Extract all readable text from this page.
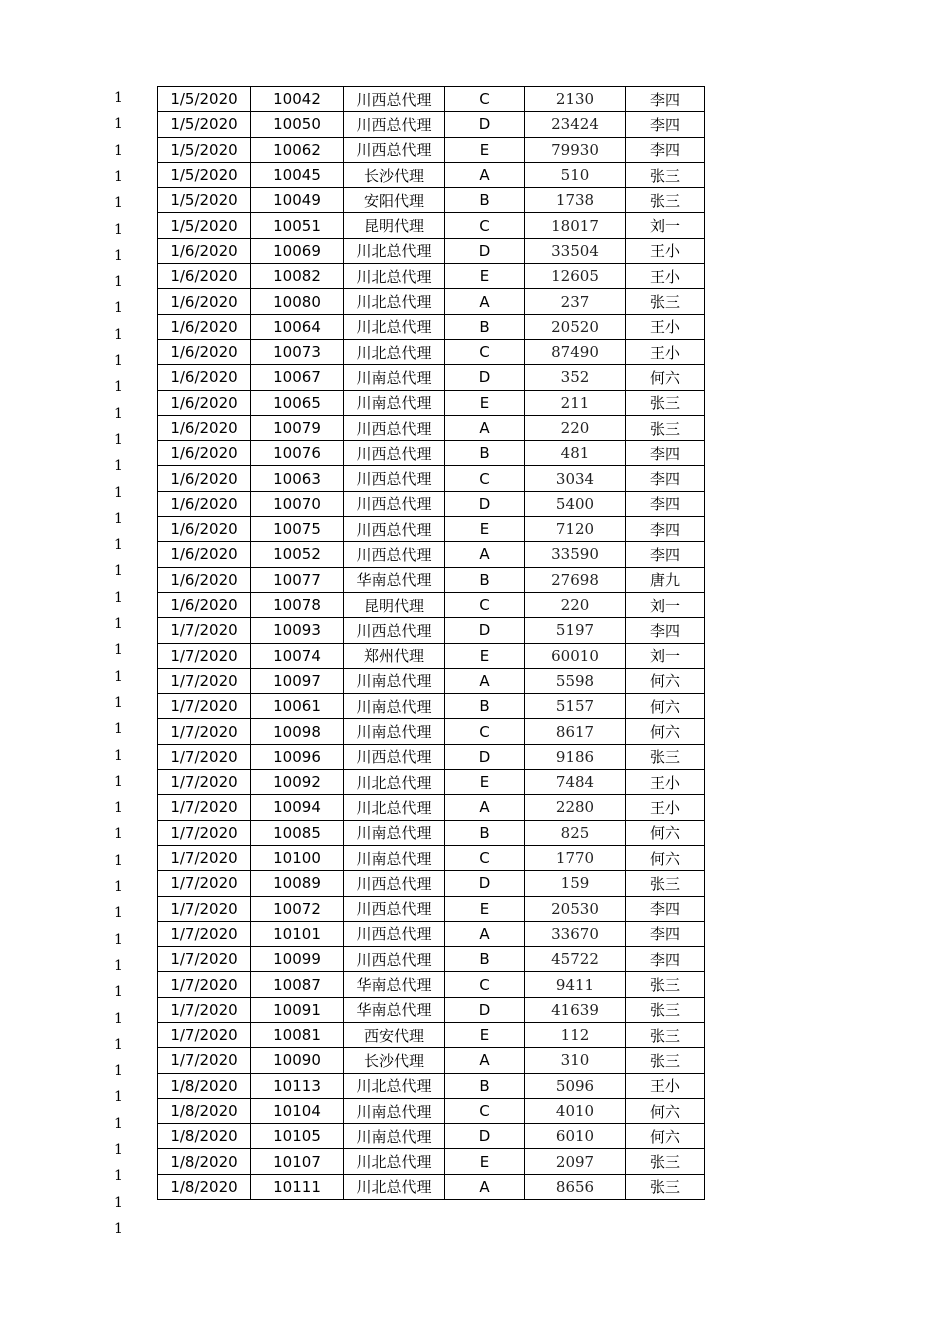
1
1
1
1
1
1
1
1
1
1
1
1
1
1
1
1
1
1
1
1
1
1
1
1
1
1
1
1
1
1
1
1
1
1
1
1
1
1
1
1
1
1
1
1
1/5/2020	10042	川西总代理	C	2130	李四
1/5/2020	10050	川西总代理	D	23424	李四
1/5/2020	10062	川西总代理	E	79930	李四
1/5/2020	10045	长沙代理	A	510	张三
1/5/2020	10049	安阳代理	B	1738	张三
1/5/2020	10051	昆明代理	C	18017	刘一
1/6/2020	10069	川北总代理	D	33504	王小
1/6/2020	10082	川北总代理	E	12605	王小
1/6/2020	10080	川北总代理	A	237	张三
1/6/2020	10064	川北总代理	B	20520	王小
1/6/2020	10073	川北总代理	C	87490	王小
1/6/2020	10067	川南总代理	D	352	何六
1/6/2020	10065	川南总代理	E	211	张三
1/6/2020	10079	川西总代理	A	220	张三
1/6/2020	10076	川西总代理	B	481	李四
1/6/2020	10063	川西总代理	C	3034	李四
1/6/2020	10070	川西总代理	D	5400	李四
1/6/2020	10075	川西总代理	E	7120	李四
1/6/2020	10052	川西总代理	A	33590	李四
1/6/2020	10077	华南总代理	B	27698	唐九
1/6/2020	10078	昆明代理	C	220	刘一
1/7/2020	10093	川西总代理	D	5197	李四
1/7/2020	10074	郑州代理	E	60010	刘一
1/7/2020	10097	川南总代理	A	5598	何六
1/7/2020	10061	川南总代理	B	5157	何六
1/7/2020	10098	川南总代理	C	8617	何六
1/7/2020	10096	川西总代理	D	9186	张三
1/7/2020	10092	川北总代理	E	7484	王小
1/7/2020	10094	川北总代理	A	2280	王小
1/7/2020	10085	川南总代理	B	825	何六
1/7/2020	10100	川南总代理	C	1770	何六
1/7/2020	10089	川西总代理	D	159	张三
1/7/2020	10072	川西总代理	E	20530	李四
1/7/2020	10101	川西总代理	A	33670	李四
1/7/2020	10099	川西总代理	B	45722	李四
1/7/2020	10087	华南总代理	C	9411	张三
1/7/2020	10091	华南总代理	D	41639	张三
1/7/2020	10081	西安代理	E	112	张三
1/7/2020	10090	长沙代理	A	310	张三
1/8/2020	10113	川北总代理	B	5096	王小
1/8/2020	10104	川南总代理	C	4010	何六
1/8/2020	10105	川南总代理	D	6010	何六
1/8/2020	10107	川北总代理	E	2097	张三
1/8/2020	10111	川北总代理	A	8656	张三
